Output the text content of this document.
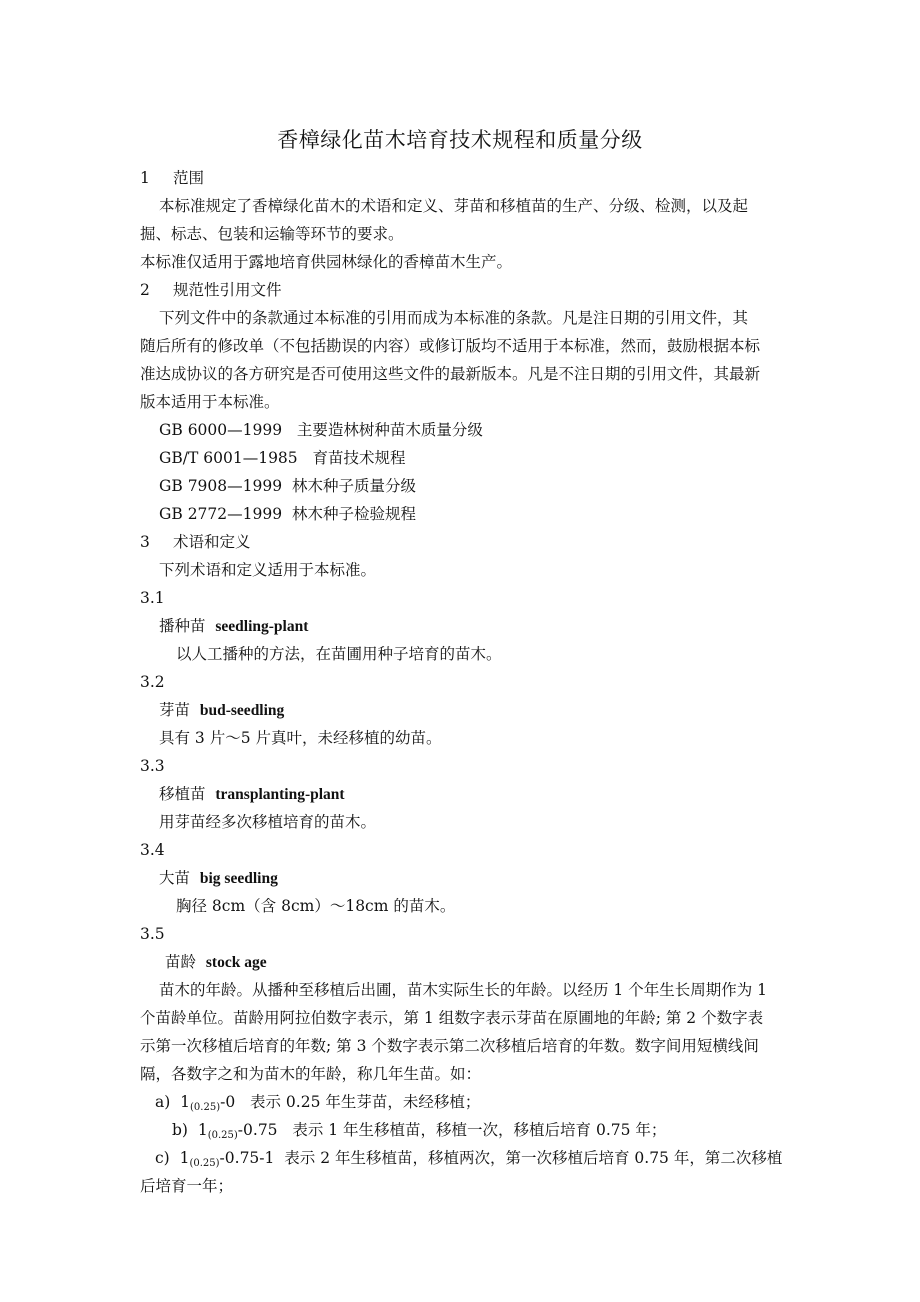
香樟绿化苗木培育技术规程和质量分级
1 范围
本标准规定了香樟绿化苗木的术语和定义、芽苗和移植苗的生产、分级、检测，以及起
掘、标志、包装和运输等环节的要求。
本标准仅适用于露地培育供园林绿化的香樟苗木生产。
2 规范性引用文件
下列文件中的条款通过本标准的引用而成为本标准的条款。凡是注日期的引用文件，其
随后所有的修改单（不包括勘误的内容）或修订版均不适用于本标准，然而，鼓励根据本标
准达成协议的各方研究是否可使用这些文件的最新版本。凡是不注日期的引用文件，其最新
版本适用于本标准。
GB 6000—1999 主要造林树种苗木质量分级
GB/T 6001—1985 育苗技术规程
GB 7908—1999 林木种子质量分级
GB 2772—1999 林木种子检验规程
3 术语和定义
下列术语和定义适用于本标准。
3.1
播种苗 seedling-plant
以人工播种的方法，在苗圃用种子培育的苗木。
3.2
芽苗 bud-seedling
具有 3 片～5 片真叶，未经移植的幼苗。
3.3
移植苗 transplanting-plant
用芽苗经多次移植培育的苗木。
3.4
大苗 big seedling
胸径 8cm（含 8cm）～18cm 的苗木。
3.5
苗龄 stock age
苗木的年龄。从播种至移植后出圃，苗木实际生长的年龄。以经历 1 个年生长周期作为 1
个苗龄单位。苗龄用阿拉伯数字表示，第 1 组数字表示芽苗在原圃地的年龄; 第 2 个数字表
示第一次移植后培育的年数; 第 3 个数字表示第二次移植后培育的年数。数字间用短横线间
隔，各数字之和为苗木的年龄，称几年生苗。如：
a) $1_{(0.25)}-0$ 表示 0.25 年生芽苗，未经移植；
b) $1_{(0.25)}-0.75$ 表示 1 年生移植苗，移植一次，移植后培育 0.75 年；
c) $1_{(0.25)}-0.75-1$ 表示 2 年生移植苗，移植两次，第一次移植后培育 0.75 年，第二次移植
后培育一年；
